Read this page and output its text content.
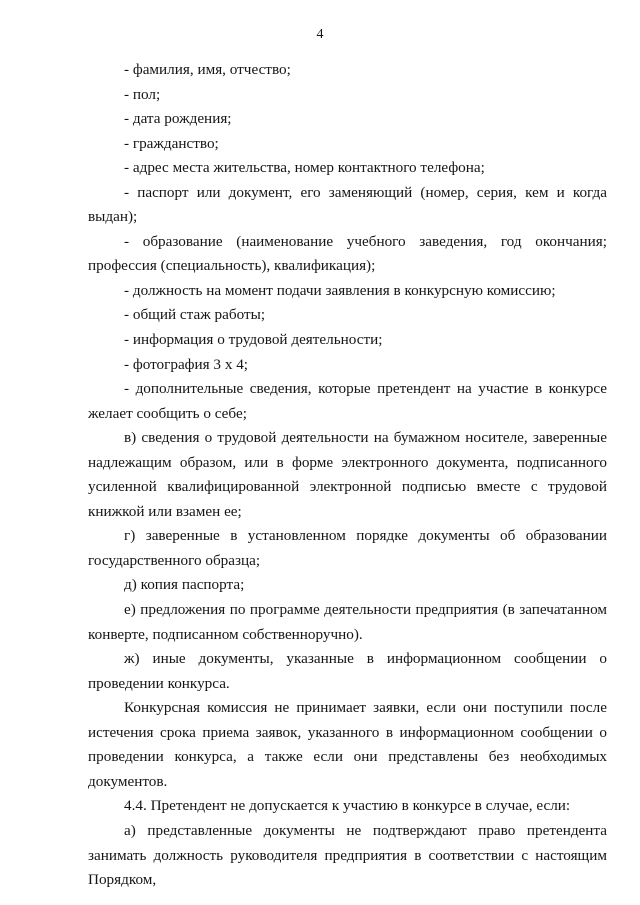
4

- фамилия, имя, отчество;

- пол;

- дата рождения;

- гражданство;

- адрес места жительства, номер контактного телефона;

- паспорт или документ, его заменяющий (номер, серия, кем и когда выдан);

- образование (наименование учебного заведения, год окончания; профессия (специальность), квалификация);

- должность на момент подачи заявления в конкурсную комиссию;

- общий стаж работы;

- информация о трудовой деятельности;

- фотография 3 х 4;

- дополнительные сведения, которые претендент на участие в конкурсе желает сообщить о себе;

в) сведения о трудовой деятельности на бумажном носителе, заверенные надлежащим образом, или в форме электронного документа, подписанного усиленной квалифицированной электронной подписью вместе с трудовой книжкой или взамен ее;

г) заверенные в установленном порядке документы об образовании государственного образца;

д) копия паспорта;

е) предложения по программе деятельности предприятия (в запечатанном конверте, подписанном собственноручно).

ж) иные документы, указанные в информационном сообщении о проведении конкурса.

Конкурсная комиссия не принимает заявки, если они поступили после истечения срока приема заявок, указанного в информационном сообщении о проведении конкурса, а также если они представлены без необходимых документов.

4.4. Претендент не допускается к участию в конкурсе в случае, если:

а) представленные документы не подтверждают право претендента занимать должность руководителя предприятия в соответствии с настоящим Порядком,
